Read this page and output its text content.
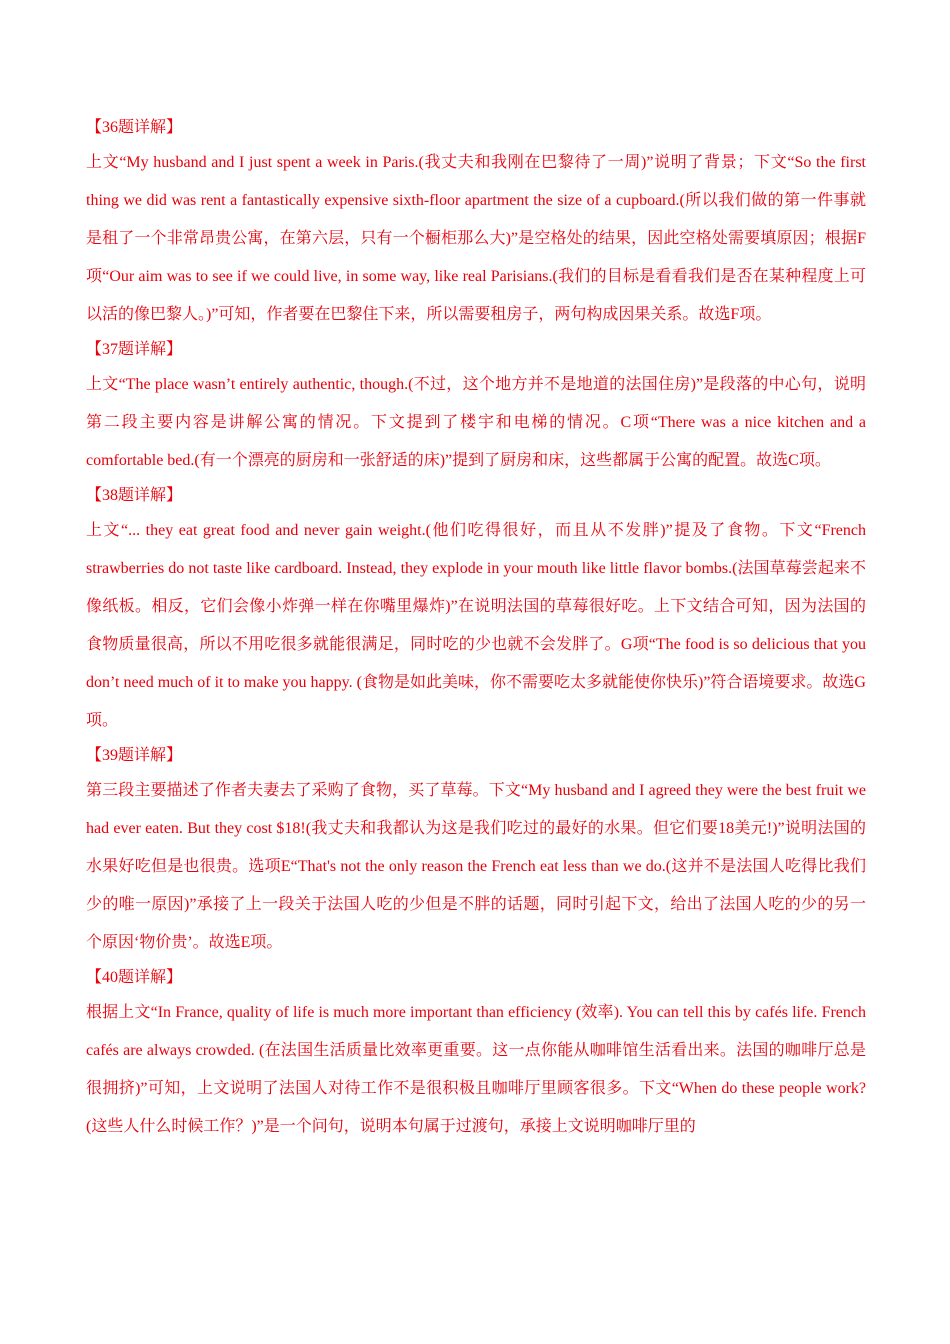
【36题详解】

上文“My husband and I just spent a week in Paris.(我丈夫和我刚在巴黎待了一周)”说明了背景；下文“So the first thing we did was rent a fantastically expensive sixth-floor apartment the size of a cupboard.(所以我们做的第一件事就是租了一个非常昂贵公寓，在第六层，只有一个橱柜那么大)”是空格处的结果，因此空格处需要填原因；根据F项“Our aim was to see if we could live, in some way, like real Parisians.(我们的目标是看看我们是否在某种程度上可以活的像巴黎人。)”可知，作者要在巴黎住下来，所以需要租房子，两句构成因果关系。故选F项。

【37题详解】

上文“The place wasn’t entirely authentic, though.(不过，这个地方并不是地道的法国住房)”是段落的中心句，说明第二段主要内容是讲解公寓的情况。下文提到了楼宇和电梯的情况。C项“There was a nice kitchen and a comfortable bed.(有一个漂亮的厨房和一张舒适的床)”提到了厨房和床，这些都属于公寓的配置。故选C项。

【38题详解】

上文“... they eat great food and never gain weight.(他们吃得很好，而且从不发胖)”提及了食物。下文“French strawberries do not taste like cardboard. Instead, they explode in your mouth like little flavor bombs.(法国草莓尝起来不像纸板。相反，它们会像小炸弹一样在你嘴里爆炸)”在说明法国的草莓很好吃。上下文结合可知，因为法国的食物质量很高，所以不用吃很多就能很满足，同时吃的少也就不会发胖了。G项“The food is so delicious that you don’t need much of it to make you happy. (食物是如此美味，你不需要吃太多就能使你快乐)”符合语境要求。故选G项。

【39题详解】

第三段主要描述了作者夫妻去了采购了食物，买了草莓。下文“My husband and I agreed they were the best fruit we had ever eaten. But they cost $18!(我丈夫和我都认为这是我们吃过的最好的水果。但它们要18美元!)”说明法国的水果好吃但是也很贵。选项E“That's not the only reason the French eat less than we do.(这并不是法国人吃得比我们少的唯一原因)”承接了上一段关于法国人吃的少但是不胖的话题，同时引起下文，给出了法国人吃的少的另一个原因‘物价贵’。故选E项。

【40题详解】

根据上文“In France, quality of life is much more important than efficiency (效率). You can tell this by cafés life. French cafés are always crowded. (在法国生活质量比效率更重要。这一点你能从咖啡馆生活看出来。法国的咖啡厅总是很拥挤)”可知，上文说明了法国人对待工作不是很积极且咖啡厅里顾客很多。下文“When do these people work?(这些人什么时候工作？)”是一个问句，说明本句属于过渡句，承接上文说明咖啡厅里的
